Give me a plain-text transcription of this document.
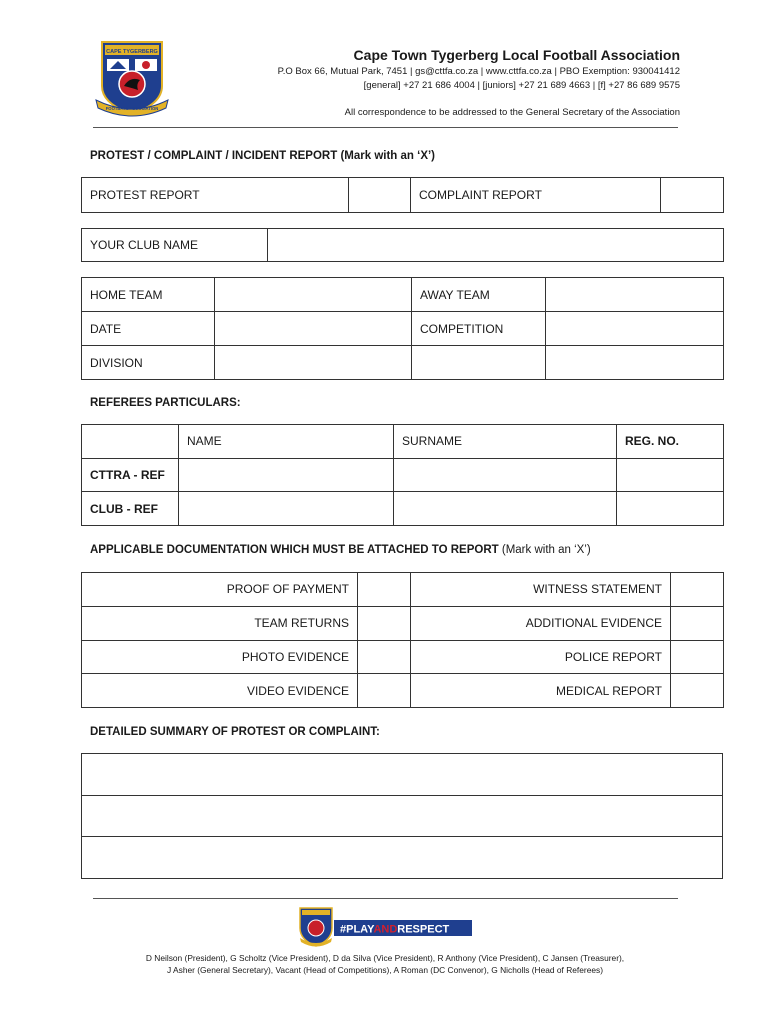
CAPE TYGERBERG
FOOTBALL ASSOCIATION
Cape Town Tygerberg Local Football Association
P.O Box 66, Mutual Park, 7451 | gs@cttfa.co.za | www.cttfa.co.za | PBO Exemption: 930041412
[general] +27 21 686 4004 | [juniors] +27 21 689 4663 | [f] +27 86 689 9575
All correspondence to be addressed to the General Secretary of the Association
PROTEST / COMPLAINT / INCIDENT REPORT (Mark with an ‘X’)
PROTEST REPORT		COMPLAINT REPORT	
YOUR CLUB NAME	
HOME TEAM		AWAY TEAM	
DATE		COMPETITION	
DIVISION			
REFEREES PARTICULARS:
	NAME	SURNAME	REG. NO.
CTTRA - REF			
CLUB - REF			
APPLICABLE DOCUMENTATION WHICH MUST BE ATTACHED TO REPORT (Mark with an ‘X’)
PROOF OF PAYMENT		WITNESS STATEMENT	
TEAM RETURNS		ADDITIONAL EVIDENCE	
PHOTO EVIDENCE		POLICE REPORT	
VIDEO EVIDENCE		MEDICAL REPORT	
DETAILED SUMMARY OF PROTEST OR COMPLAINT:

#PLAYANDRESPECT
D Neilson (President), G Scholtz (Vice President), D da Silva (Vice President), R Anthony (Vice President), C Jansen (Treasurer),
J Asher (General Secretary), Vacant (Head of Competitions), A Roman (DC Convenor), G Nicholls (Head of Referees)
